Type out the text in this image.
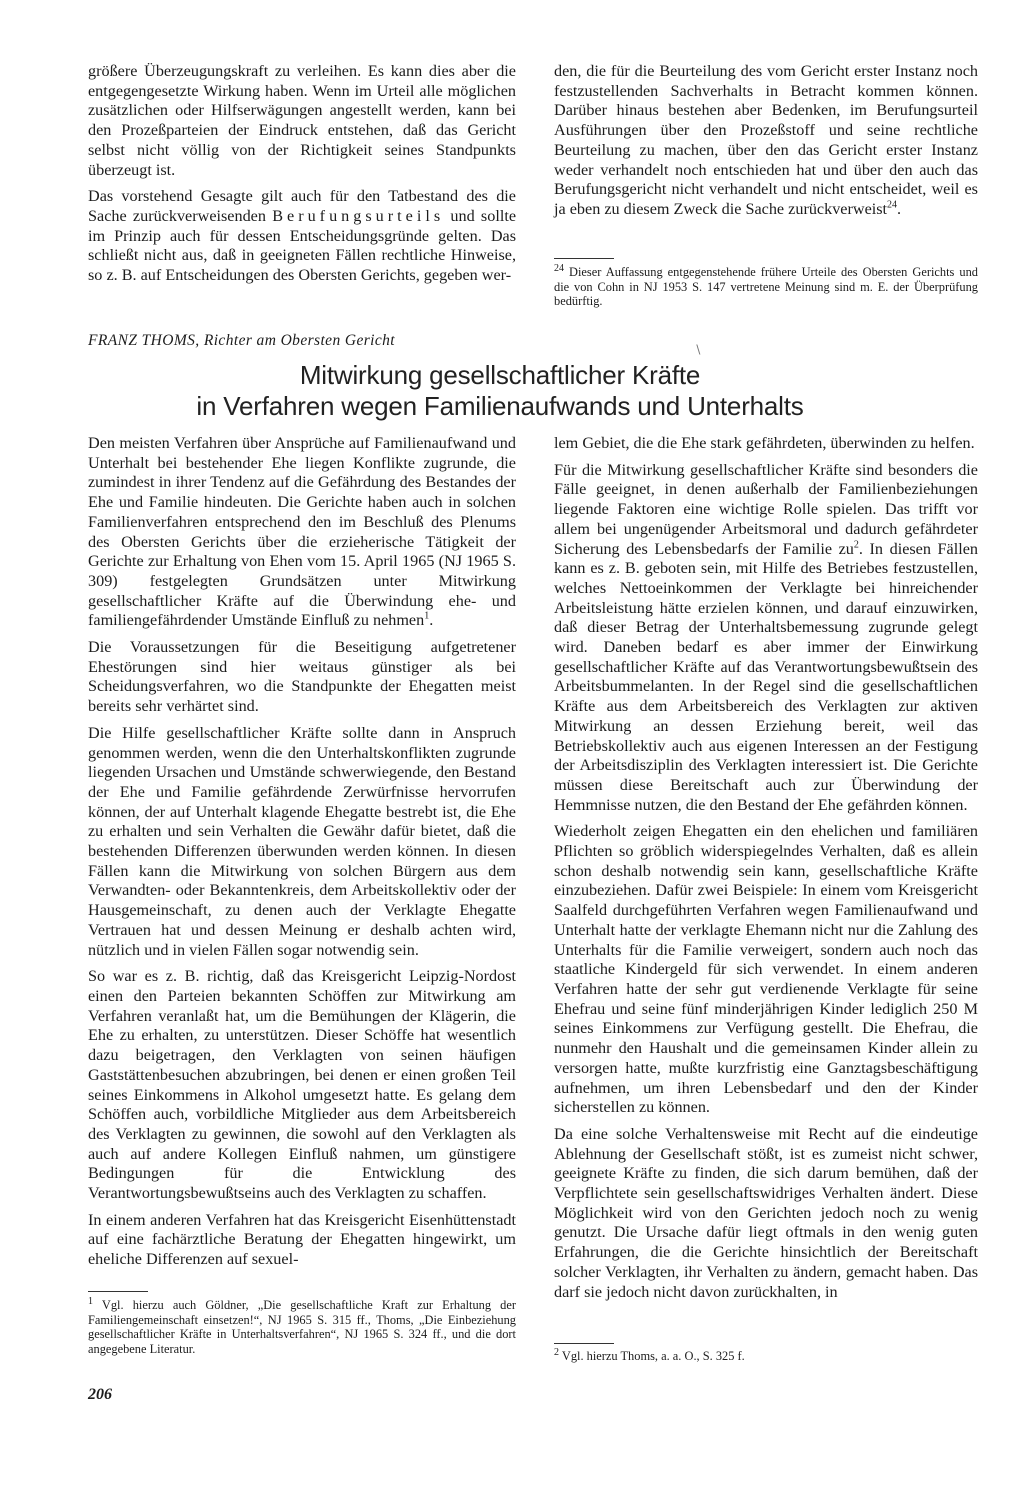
größere Überzeugungskraft zu verleihen. Es kann dies aber die entgegengesetzte Wirkung haben. Wenn im Urteil alle möglichen zusätzlichen oder Hilfserwägungen angestellt werden, kann bei den Prozeßparteien der Eindruck entstehen, daß das Gericht selbst nicht völlig von der Richtigkeit seines Standpunkts überzeugt ist.

Das vorstehend Gesagte gilt auch für den Tatbestand des die Sache zurückverweisenden Berufungsurteils und sollte im Prinzip auch für dessen Entscheidungsgründe gelten. Das schließt nicht aus, daß in geeigneten Fällen rechtliche Hinweise, so z. B. auf Entscheidungen des Obersten Gerichts, gegeben wer-

den, die für die Beurteilung des vom Gericht erster Instanz noch festzustellenden Sachverhalts in Betracht kommen können. Darüber hinaus bestehen aber Bedenken, im Berufungsurteil Ausführungen über den Prozeßstoff und seine rechtliche Beurteilung zu machen, über den das Gericht erster Instanz weder verhandelt noch entschieden hat und über den auch das Berufungsgericht nicht verhandelt und nicht entscheidet, weil es ja eben zu diesem Zweck die Sache zurückverweist$^{24}$.

$^{24}$ Dieser Auffassung entgegenstehende frühere Urteile des Obersten Gerichts und die von Cohn in NJ 1953 S. 147 vertretene Meinung sind m. E. der Überprüfung bedürftig.

FRANZ THOMS, Richter am Obersten Gericht
∖
Mitwirkung gesellschaftlicher Kräfte
in Verfahren wegen Familienaufwands und Unterhalts

Den meisten Verfahren über Ansprüche auf Familienaufwand und Unterhalt bei bestehender Ehe liegen Konflikte zugrunde, die zumindest in ihrer Tendenz auf die Gefährdung des Bestandes der Ehe und Familie hindeuten. Die Gerichte haben auch in solchen Familienverfahren entsprechend den im Beschluß des Plenums des Obersten Gerichts über die erzieherische Tätigkeit der Gerichte zur Erhaltung von Ehen vom 15. April 1965 (NJ 1965 S. 309) festgelegten Grundsätzen unter Mitwirkung gesellschaftlicher Kräfte auf die Überwindung ehe- und familiengefährdender Umstände Einfluß zu nehmen$^1$.

Die Voraussetzungen für die Beseitigung aufgetretener Ehestörungen sind hier weitaus günstiger als bei Scheidungsverfahren, wo die Standpunkte der Ehegatten meist bereits sehr verhärtet sind.

Die Hilfe gesellschaftlicher Kräfte sollte dann in Anspruch genommen werden, wenn die den Unterhaltskonflikten zugrunde liegenden Ursachen und Umstände schwerwiegende, den Bestand der Ehe und Familie gefährdende Zerwürfnisse hervorrufen können, der auf Unterhalt klagende Ehegatte bestrebt ist, die Ehe zu erhalten und sein Verhalten die Gewähr dafür bietet, daß die bestehenden Differenzen überwunden werden können. In diesen Fällen kann die Mitwirkung von solchen Bürgern aus dem Verwandten- oder Bekanntenkreis, dem Arbeitskollektiv oder der Hausgemeinschaft, zu denen auch der Verklagte Ehegatte Vertrauen hat und dessen Meinung er deshalb achten wird, nützlich und in vielen Fällen sogar notwendig sein.

So war es z. B. richtig, daß das Kreisgericht Leipzig-Nordost einen den Parteien bekannten Schöffen zur Mitwirkung am Verfahren veranlaßt hat, um die Bemühungen der Klägerin, die Ehe zu erhalten, zu unterstützen. Dieser Schöffe hat wesentlich dazu beigetragen, den Verklagten von seinen häufigen Gaststättenbesuchen abzubringen, bei denen er einen großen Teil seines Einkommens in Alkohol umgesetzt hatte. Es gelang dem Schöffen auch, vorbildliche Mitglieder aus dem Arbeitsbereich des Verklagten zu gewinnen, die sowohl auf den Verklagten als auch auf andere Kollegen Einfluß nahmen, um günstigere Bedingungen für die Entwicklung des Verantwortungsbewußtseins auch des Verklagten zu schaffen.

In einem anderen Verfahren hat das Kreisgericht Eisenhüttenstadt auf eine fachärztliche Beratung der Ehegatten hingewirkt, um eheliche Differenzen auf sexuel-

lem Gebiet, die die Ehe stark gefährdeten, überwinden zu helfen.

Für die Mitwirkung gesellschaftlicher Kräfte sind besonders die Fälle geeignet, in denen außerhalb der Familienbeziehungen liegende Faktoren eine wichtige Rolle spielen. Das trifft vor allem bei ungenügender Arbeitsmoral und dadurch gefährdeter Sicherung des Lebensbedarfs der Familie $zu^2$. In diesen Fällen kann es z. B. geboten sein, mit Hilfe des Betriebes festzustellen, welches Nettoeinkommen der Verklagte bei hinreichender Arbeitsleistung hätte erzielen können, und darauf einzuwirken, daß dieser Betrag der Unterhaltsbemessung zugrunde gelegt wird. Daneben bedarf es aber immer der Einwirkung gesellschaftlicher Kräfte auf das Verantwortungsbewußtsein des Arbeitsbummelanten. In der Regel sind die gesellschaftlichen Kräfte aus dem Arbeitsbereich des Verklagten zur aktiven Mitwirkung an dessen Erziehung bereit, weil das Betriebskollektiv auch aus eigenen Interessen an der Festigung der Arbeitsdisziplin des Verklagten interessiert ist. Die Gerichte müssen diese Bereitschaft auch zur Überwindung der Hemmnisse nutzen, die den Bestand der Ehe gefährden können.

Wiederholt zeigen Ehegatten ein den ehelichen und familiären Pflichten so gröblich widerspiegelndes Verhalten, daß es allein schon deshalb notwendig sein kann, gesellschaftliche Kräfte einzubeziehen. Dafür zwei Beispiele: In einem vom Kreisgericht Saalfeld durchgeführten Verfahren wegen Familienaufwand und Unterhalt hatte der verklagte Ehemann nicht nur die Zahlung des Unterhalts für die Familie verweigert, sondern auch noch das staatliche Kindergeld für sich verwendet. In einem anderen Verfahren hatte der sehr gut verdienende Verklagte für seine Ehefrau und seine fünf minderjährigen Kinder lediglich 250 M seines Einkommens zur Verfügung gestellt. Die Ehefrau, die nunmehr den Haushalt und die gemeinsamen Kinder allein zu versorgen hatte, mußte kurzfristig eine Ganztagsbeschäftigung aufnehmen, um ihren Lebensbedarf und den der Kinder sicherstellen zu können.

Da eine solche Verhaltensweise mit Recht auf die eindeutige Ablehnung der Gesellschaft stößt, ist es zumeist nicht schwer, geeignete Kräfte zu finden, die sich darum bemühen, daß der Verpflichtete sein gesellschaftswidriges Verhalten ändert. Diese Möglichkeit wird von den Gerichten jedoch noch zu wenig genutzt. Die Ursache dafür liegt oftmals in den wenig guten Erfahrungen, die die Gerichte hinsichtlich der Bereitschaft solcher Verklagten, ihr Verhalten zu ändern, gemacht haben. Das darf sie jedoch nicht davon zurückhalten, in

$^1$ Vgl. hierzu auch Göldner, „Die gesellschaftliche Kraft zur Erhaltung der Familiengemeinschaft einsetzen!“, NJ 1965 S. 315 ff., Thoms, „Die Einbeziehung gesellschaftlicher Kräfte in Unterhaltsverfahren“, NJ 1965 S. 324 ff., und die dort angegebene Literatur.	$^2$ Vgl. hierzu Thoms, a. a. O., S. 325 f.

206
